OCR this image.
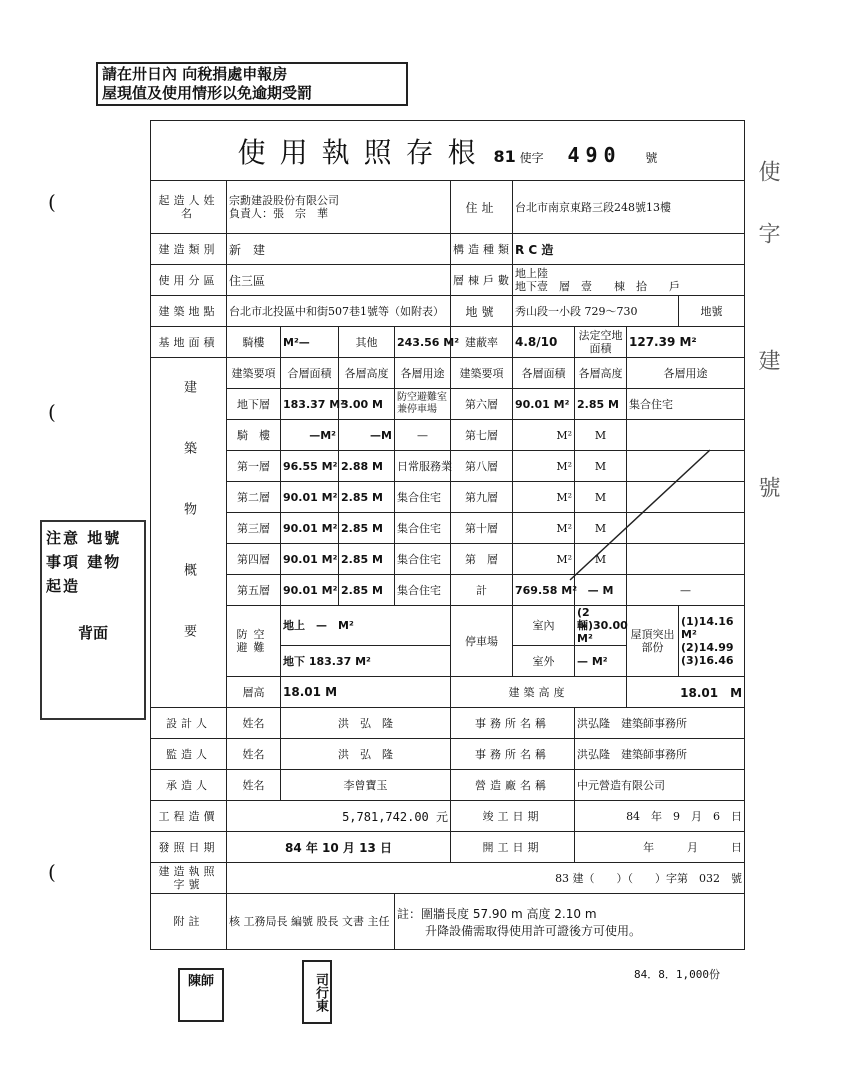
請在卅日內 向稅捐處申報房
屋現值及使用情形以免逾期受罰
(
(
(
注意 地號 事項 建物 起造
背面
使字 建 號
使用執照存根 81 使字 490 號									
起造人姓名	宗勳建設股份有限公司
負責人：張　宗　華				住址	台北市南京東路三段248號13樓			
建造類別	新　建				構造種類	R C 造			
使用分區	住三區				層棟戶數	地上陸
地下壹　層　壹　　棟　拾　　戶			

建築地點	台北市北投區中和街507巷1號等（如附表）				地號	秀山段一小段 729～730			地號
基地面積	騎樓	M²—	其他	243.56 M²	建蔽率	4.8/10	法定空地面積	127.39 M²	
建築物概要	建築要項	合層面積	各層高度	各層用途	建築要項	各層面積	各層高度	各層用途	
	地下層	183.37 M²	3.00 M	防空避難室兼停車場	第六層	90.01 M²	2.85 M	集合住宅	
	騎　樓	—M²	—M	—	第七層	M²	M		
	第一層	96.55 M²	2.88 M	日常服務業	第八層	M²	M		
	第二層	90.01 M²	2.85 M	集合住宅	第九層	M²	M		
	第三層	90.01 M²	2.85 M	集合住宅	第十層	M²	M		
	第四層	90.01 M²	2.85 M	集合住宅	第　層	M²	M		
	第五層	90.01 M²	2.85 M	集合住宅	計	769.58 M²	— M	—	
	防空避難	地上　—　M²			停車場	室內	(2輛)30.00 M²	屋頂突出部份	(1)14.16 M² (2)14.99 (3)16.46
		地下 183.37 M²				室外	— M²		
	層高	18.01 M			建築高度			18.01　M	
設計人	姓名	洪　弘　隆			事務所名稱		洪弘隆　建築師事務所		
監造人	姓名	洪　弘　隆			事務所名稱		洪弘隆　建築師事務所		
承造人	姓名	李曾寶玉			營造廠名稱		中元營造有限公司		
工程造價	5,781,742.00 元				竣工日期		84　年　9　月　6　日		
發照日期	84 年 10 月 13 日				開工日期		年　　　月　　　日		
建造執照字號	83 建（　　）（　　）字第　032　號								
附註	核 工務局長 編號 股長 文書 主任			註：圍牆長度 57.90 m 高度 2.10 m
升降設備需取得使用許可證後方可使用。					
84．8．1,000份
陳師	司行東
